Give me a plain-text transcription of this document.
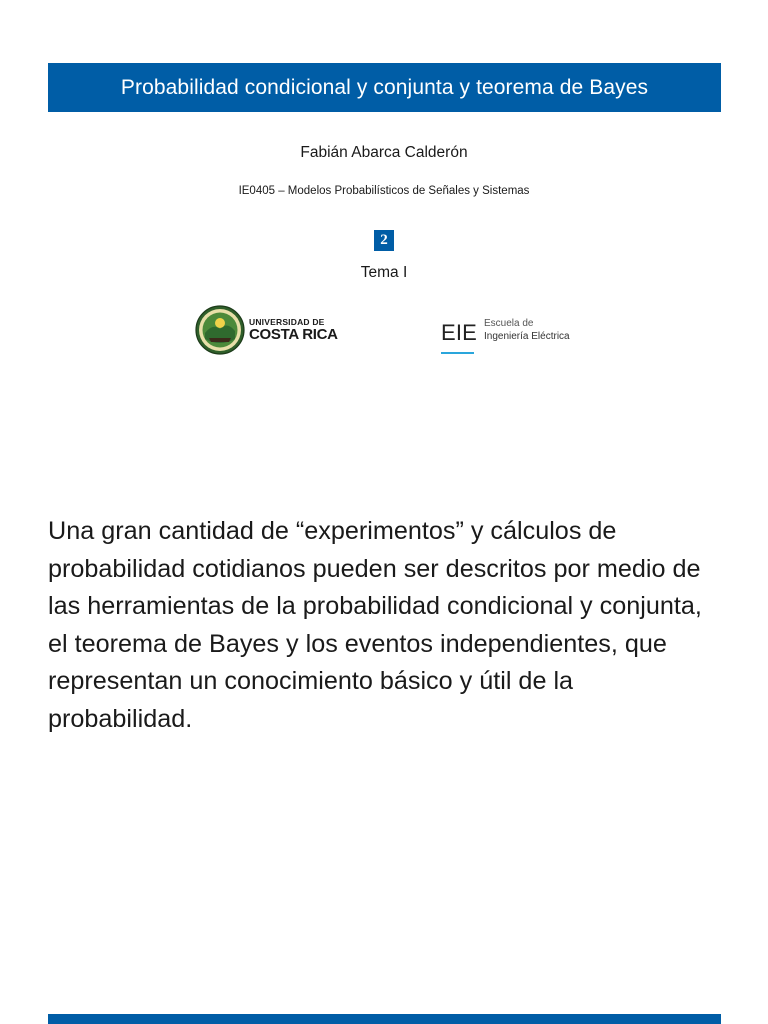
Probabilidad condicional y conjunta y teorema de Bayes
Fabián Abarca Calderón
IE0405 – Modelos Probabilísticos de Señales y Sistemas
2
Tema I
UNIVERSIDAD DE
COSTA RICA	EIE Escuela de
Ingeniería Eléctrica
Una gran cantidad de “experimentos” y cálculos de probabilidad cotidianos pueden ser descritos por medio de las herramientas de la probabilidad condicional y conjunta, el teorema de Bayes y los eventos independientes, que representan un conocimiento básico y útil de la probabilidad.
